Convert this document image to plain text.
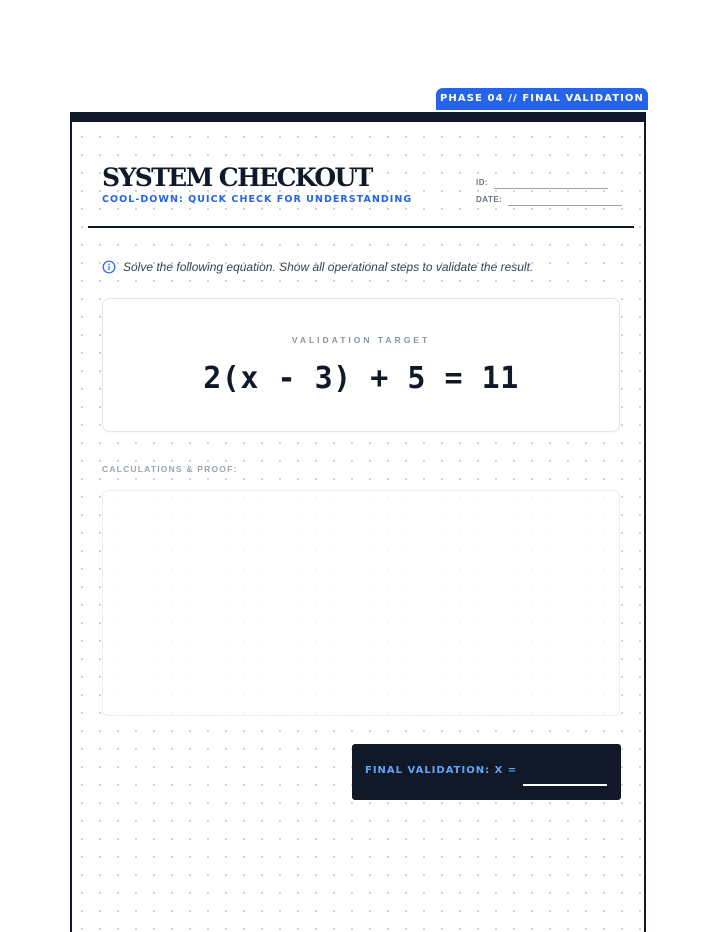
PHASE 04 // FINAL VALIDATION
SYSTEM CHECKOUT
COOL-DOWN: QUICK CHECK FOR UNDERSTANDING
ID:
DATE:
Solve the following equation. Show all operational steps to validate the result.
VALIDATION TARGET
2(x - 3) + 5 = 11
CALCULATIONS & PROOF:
FINAL VALIDATION: X =
